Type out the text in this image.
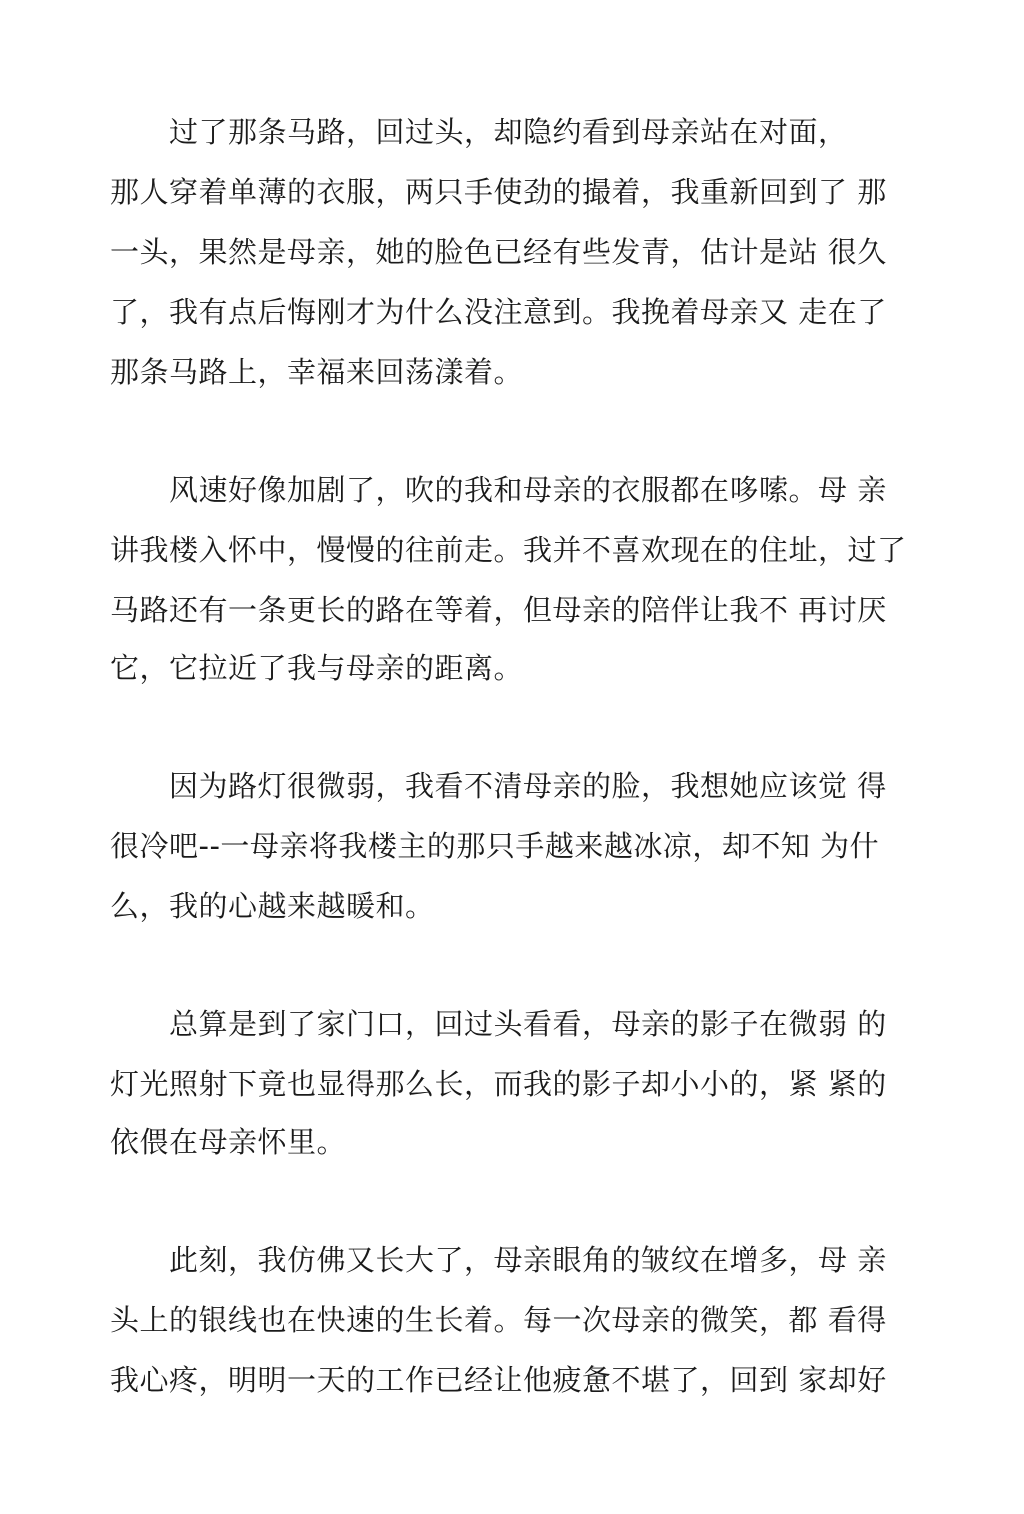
　　过了那条马路，回过头，却隐约看到母亲站在对面，
那人穿着单薄的衣服，两只手使劲的撮着，我重新回到了 那
一头，果然是母亲，她的脸色已经有些发青，估计是站 很久
了，我有点后悔刚才为什么没注意到。我挽着母亲又 走在了
那条马路上，幸福来回荡漾着。
　　风速好像加剧了，吹的我和母亲的衣服都在哆嗦。母 亲
讲我楼入怀中，慢慢的往前走。我并不喜欢现在的住址，过了
马路还有一条更长的路在等着，但母亲的陪伴让我不 再讨厌
它，它拉近了我与母亲的距离。
　　因为路灯很微弱，我看不清母亲的脸，我想她应该觉 得
很冷吧--一母亲将我楼主的那只手越来越冰凉，却不知 为什
么，我的心越来越暖和。
　　总算是到了家门口，回过头看看，母亲的影子在微弱 的
灯光照射下竟也显得那么长，而我的影子却小小的，紧 紧的
依偎在母亲怀里。
　　此刻，我仿佛又长大了，母亲眼角的皱纹在增多，母 亲
头上的银线也在快速的生长着。每一次母亲的微笑，都 看得
我心疼，明明一天的工作已经让他疲惫不堪了，回到 家却好
